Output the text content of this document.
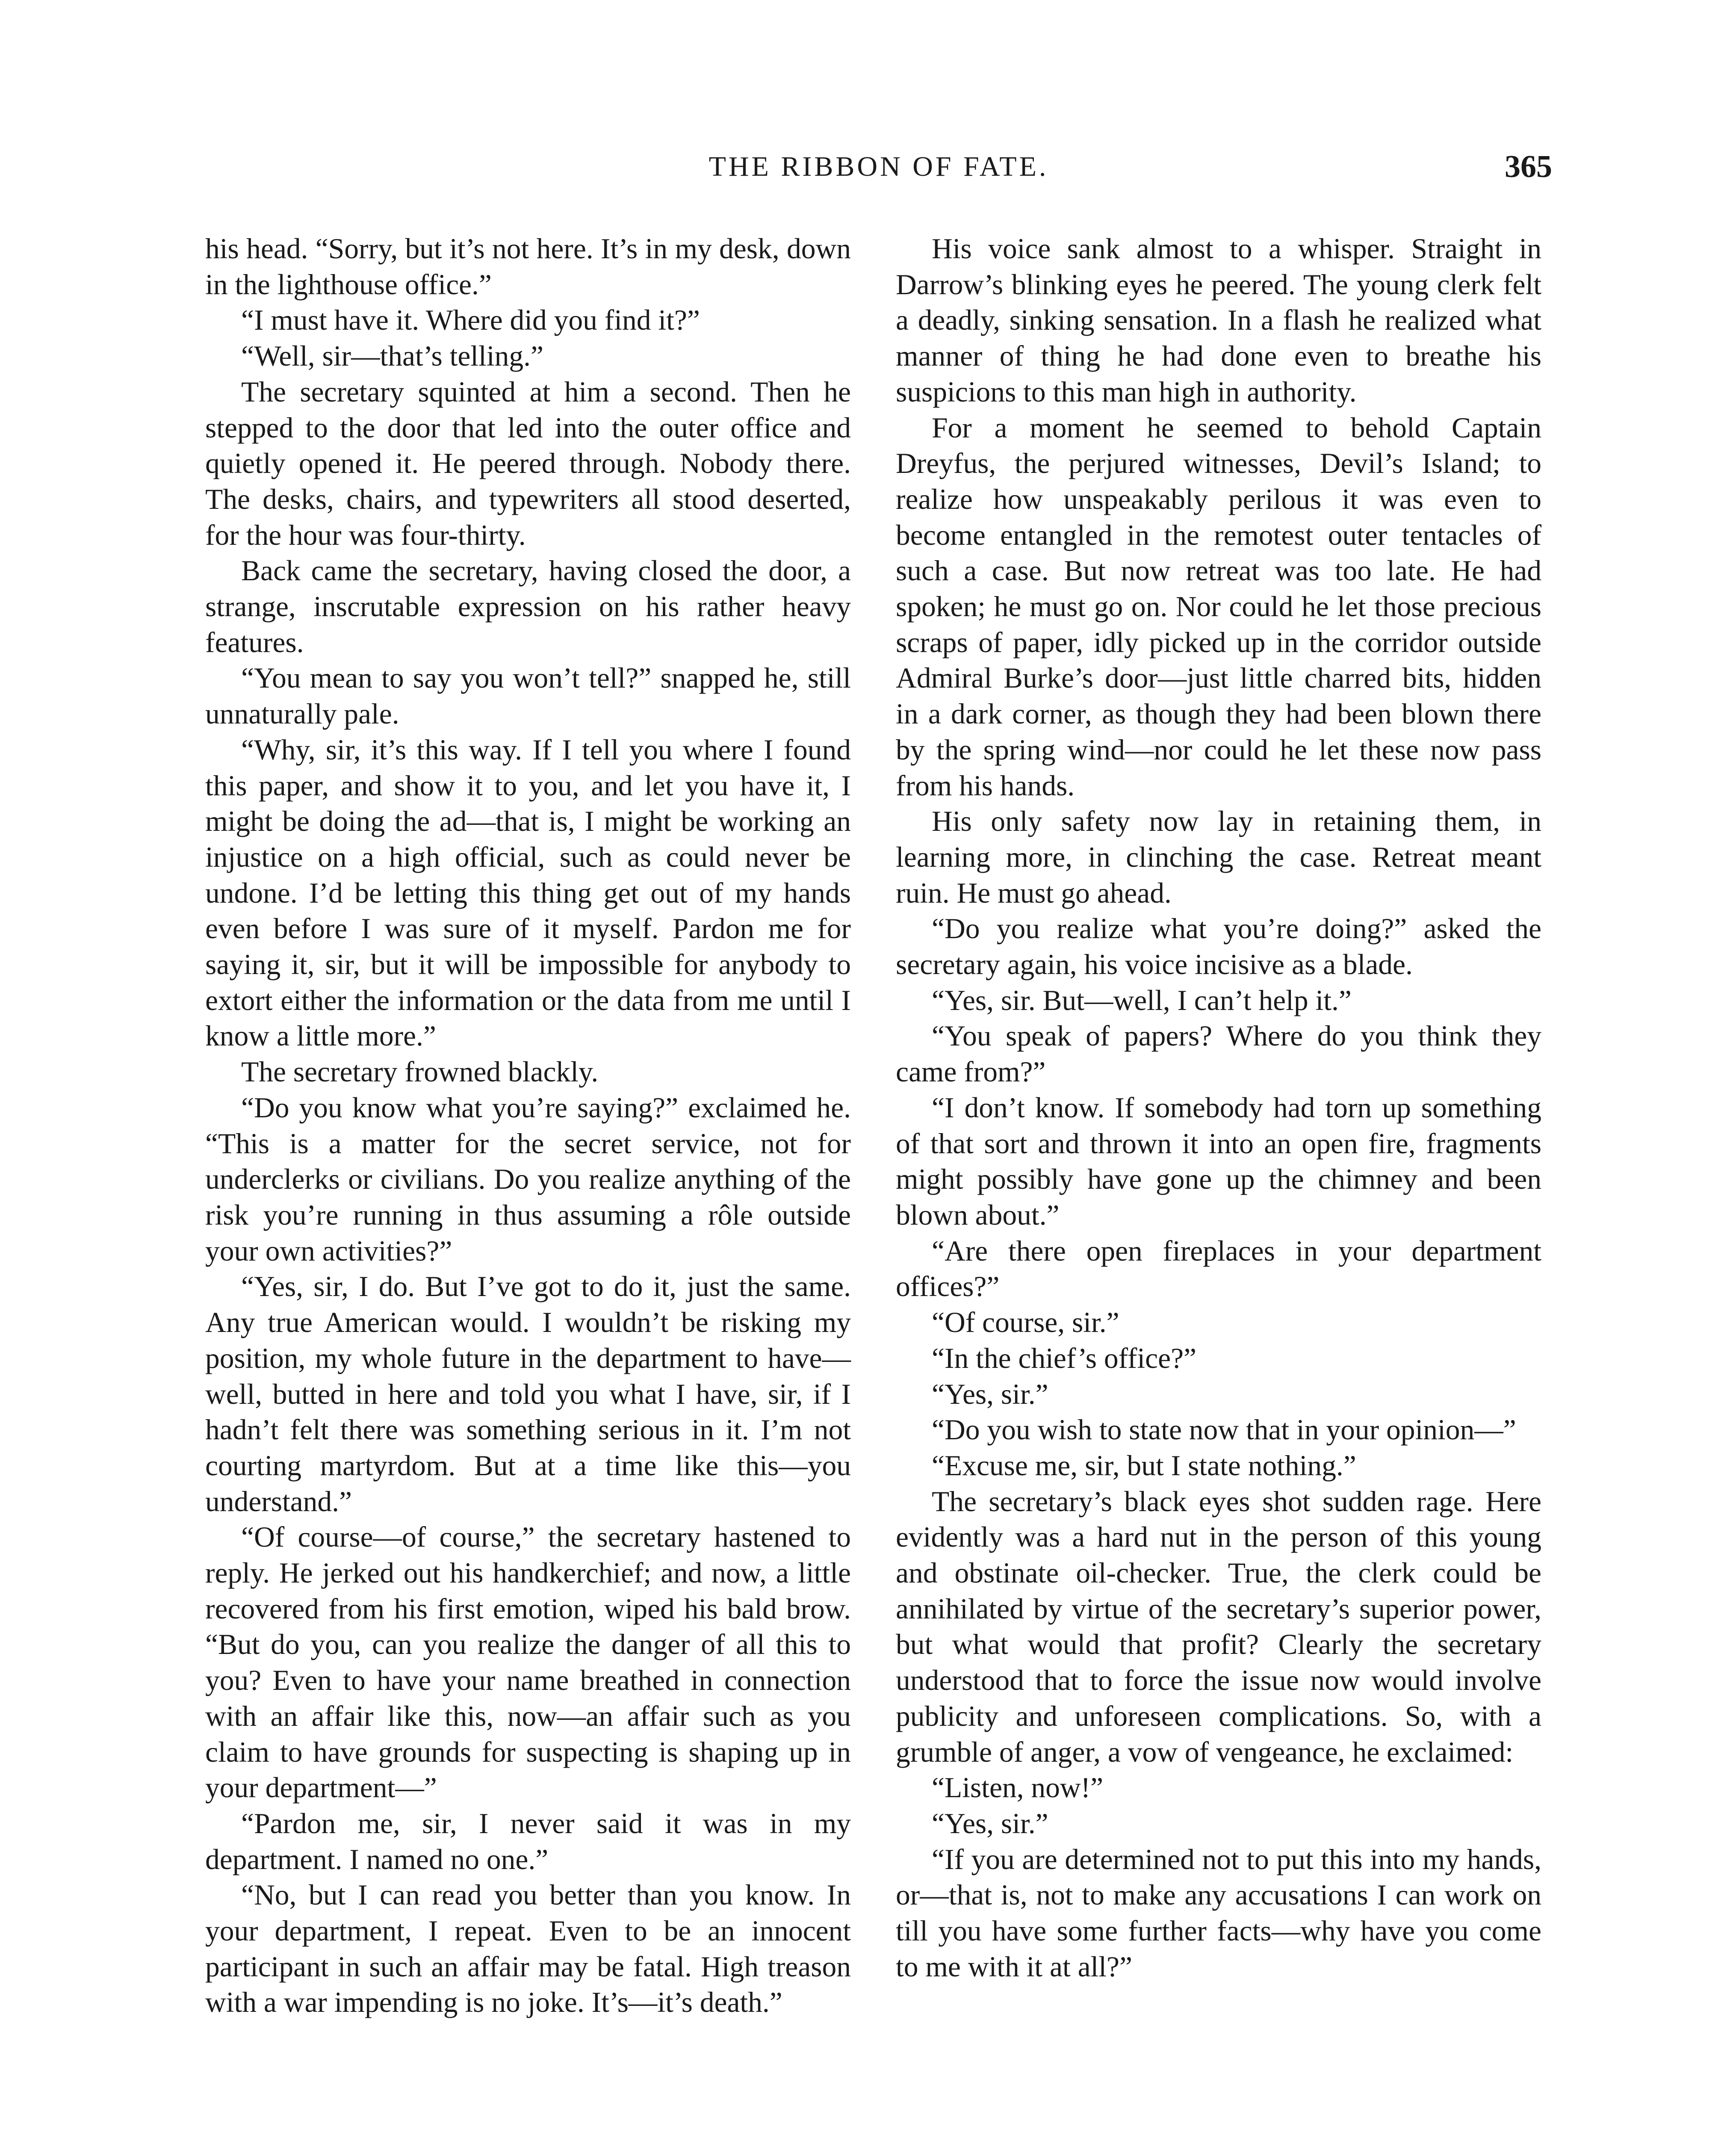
THE RIBBON OF FATE.	365

his head. “Sorry, but it’s not here. It’s in my desk, down in the lighthouse office.”

“I must have it. Where did you find it?”

“Well, sir—that’s telling.”

The secretary squinted at him a second. Then he stepped to the door that led into the outer office and quietly opened it. He peered through. Nobody there. The desks, chairs, and typewriters all stood deserted, for the hour was four-thirty.

Back came the secretary, having closed the door, a strange, inscrutable expression on his rather heavy features.

“You mean to say you won’t tell?” snapped he, still unnaturally pale.

“Why, sir, it’s this way. If I tell you where I found this paper, and show it to you, and let you have it, I might be doing the ad—that is, I might be working an injustice on a high official, such as could never be undone. I’d be letting this thing get out of my hands even before I was sure of it myself. Pardon me for saying it, sir, but it will be impossible for anybody to extort either the information or the data from me until I know a little more.”

The secretary frowned blackly.

“Do you know what you’re saying?” exclaimed he. “This is a matter for the secret service, not for underclerks or civilians. Do you realize anything of the risk you’re running in thus assuming a rôle outside your own activities?”

“Yes, sir, I do. But I’ve got to do it, just the same. Any true American would. I wouldn’t be risking my position, my whole future in the department to have—well, butted in here and told you what I have, sir, if I hadn’t felt there was something serious in it. I’m not courting martyrdom. But at a time like this—you understand.”

“Of course—of course,” the secretary hastened to reply. He jerked out his handkerchief; and now, a little recovered from his first emotion, wiped his bald brow. “But do you, can you realize the danger of all this to you? Even to have your name breathed in connection with an affair like this, now—an affair such as you claim to have grounds for suspecting is shaping up in your department—”

“Pardon me, sir, I never said it was in my department. I named no one.”

“No, but I can read you better than you know. In your department, I repeat. Even to be an innocent participant in such an affair may be fatal. High treason with a war impending is no joke. It’s—it’s death.”

His voice sank almost to a whisper. Straight in Darrow’s blinking eyes he peered. The young clerk felt a deadly, sinking sensation. In a flash he realized what manner of thing he had done even to breathe his suspicions to this man high in authority.

For a moment he seemed to behold Captain Dreyfus, the perjured witnesses, Devil’s Island; to realize how unspeakably perilous it was even to become entangled in the remotest outer tentacles of such a case. But now retreat was too late. He had spoken; he must go on. Nor could he let those precious scraps of paper, idly picked up in the corridor outside Admiral Burke’s door—just little charred bits, hidden in a dark corner, as though they had been blown there by the spring wind—nor could he let these now pass from his hands.

His only safety now lay in retaining them, in learning more, in clinching the case. Retreat meant ruin. He must go ahead.

“Do you realize what you’re doing?” asked the secretary again, his voice incisive as a blade.

“Yes, sir. But—well, I can’t help it.”

“You speak of papers? Where do you think they came from?”

“I don’t know. If somebody had torn up something of that sort and thrown it into an open fire, fragments might possibly have gone up the chimney and been blown about.”

“Are there open fireplaces in your department offices?”

“Of course, sir.”

“In the chief’s office?”

“Yes, sir.”

“Do you wish to state now that in your opinion—”

“Excuse me, sir, but I state nothing.”

The secretary’s black eyes shot sudden rage. Here evidently was a hard nut in the person of this young and obstinate oil-checker. True, the clerk could be annihilated by virtue of the secretary’s superior power, but what would that profit? Clearly the secretary understood that to force the issue now would involve publicity and unforeseen complications. So, with a grumble of anger, a vow of vengeance, he exclaimed:

“Listen, now!”

“Yes, sir.”

“If you are determined not to put this into my hands, or—that is, not to make any accusations I can work on till you have some further facts—why have you come to me with it at all?”
